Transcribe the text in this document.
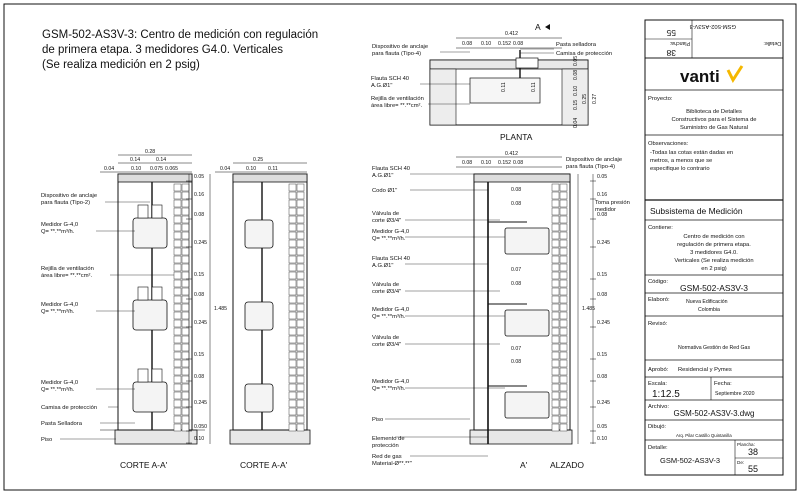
GSM-502-AS3V-3: Centro de medición con regulación
de primera etapa. 3 medidores G4.0. Verticales
(Se realiza medición en 2 psig)
0.28
0.14	0.14
0.04	0.10 0.075 0.065
0.05
0.16
0.08
0.245
0.15
0.08
0.245
0.15
0.08
0.245
0.050
0.10
1.485
Dispositivo de anclaje
para flauta (Tipo-2)
Medidor G-4,0
Q= **.**m³/h.
Rejilla de ventilación
área libre= **.**cm².
Medidor G-4,0
Q= **.**m³/h.
Medidor G-4,0
Q= **.**m³/h.
Camisa de protección
Pasta Selladora
Piso
CORTE A-A'
0.25
0.04	0.10 0.11
CORTE A-A'
0.412
0.08 0.10 0.152 0.08
0.05
0.08
0.10
0.15
0.04
0.25 0.27
0.11	0.11
Dispositivo de anclaje
para flauta (Tipo-4)
Pasta selladora
Camisa de protección
Flauta SCH 40
A.G.Ø1"
Rejilla de ventilación
área libre= **.**cm².
PLANTA
A
0.412
0.08 0.10 0.152 0.08
0.08
0.08
0.07
0.08
0.07
0.08
0.05
0.16
0.08
0.245
0.15
0.08
0.245
0.15
0.08
0.245
0.05
0.10
1.485
Flauta SCH 40
A.G.Ø1"
Dispositivo de anclaje
para flauta (Tipo-4)
Codo Ø1"
Toma presión
medidor
Válvula de
corte Ø3/4"
Medidor G-4,0
Q= **.**m³/h.
Flauta SCH 40
A.G.Ø1"
Válvula de
corte Ø3/4"
Medidor G-4,0
Q= **.**m³/h.
Válvula de
corte Ø3/4"
Medidor G-4,0
Q= **.**m³/h.
Piso
Elemento de
protección
Red de gas
Material-Ø**.**"	ALZADO
A'
GSM-502-AS3V-3
Plancha:
38
Detalle:
55
vanti
Proyecto:
Biblioteca de Detalles
Constructivos para el Sistema de
Suministro de Gas Natural
Observaciones:
-Todas las cotas están dadas en
metros, a menos que se
especifique lo contrario
Subsistema de Medición
Contiene:
Centro de medición con
regulación de primera etapa.
3 medidores G4.0.
Verticales (Se realiza medición
en 2 psig)
Código:
GSM-502-AS3V-3
Elaboró:	Nueva Edificación
Colombia
Revisó:
Normativa Gestión de Red Gas
Aprobó: Residencial y Pymes
Escala:
1:12.5
Fecha:
Septiembre 2020
Archivo:
GSM-502-AS3V-3.dwg
Dibujó:
Arq. Pilar Castillo Quintanilla
Detalle:
GSM-502-AS3V-3
Plancha:
38
De:
55
